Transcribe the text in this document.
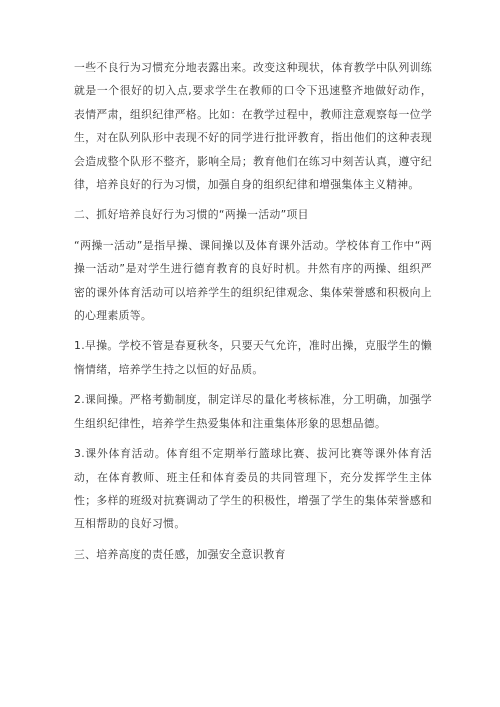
一些不良行为习惯充分地表露出来。改变这种现状，体育教学中队列训练就是一个很好的切入点,要求学生在教师的口令下迅速整齐地做好动作，表情严肃，组织纪律严格。比如：在教学过程中，教师注意观察每一位学生，对在队列队形中表现不好的同学进行批评教育，指出他们的这种表现会造成整个队形不整齐，影响全局；教育他们在练习中刻苦认真，遵守纪律，培养良好的行为习惯，加强自身的组织纪律和增强集体主义精神。

二、抓好培养良好行为习惯的“两操一活动”项目

“两操一活动”是指早操、课间操以及体育课外活动。学校体育工作中“两操一活动”是对学生进行德育教育的良好时机。井然有序的两操、组织严密的课外体育活动可以培养学生的组织纪律观念、集体荣誉感和积极向上的心理素质等。

1.早操。学校不管是春夏秋冬，只要天气允许，准时出操，克服学生的懒惰情绪，培养学生持之以恒的好品质。

2.课间操。严格考勤制度，制定详尽的量化考核标准，分工明确，加强学生组织纪律性，培养学生热爱集体和注重集体形象的思想品德。

3.课外体育活动。体育组不定期举行篮球比赛、拔河比赛等课外体育活动，在体育教师、班主任和体育委员的共同管理下，充分发挥学生主体性；多样的班级对抗赛调动了学生的积极性，增强了学生的集体荣誉感和互相帮助的良好习惯。

三、培养高度的责任感，加强安全意识教育
